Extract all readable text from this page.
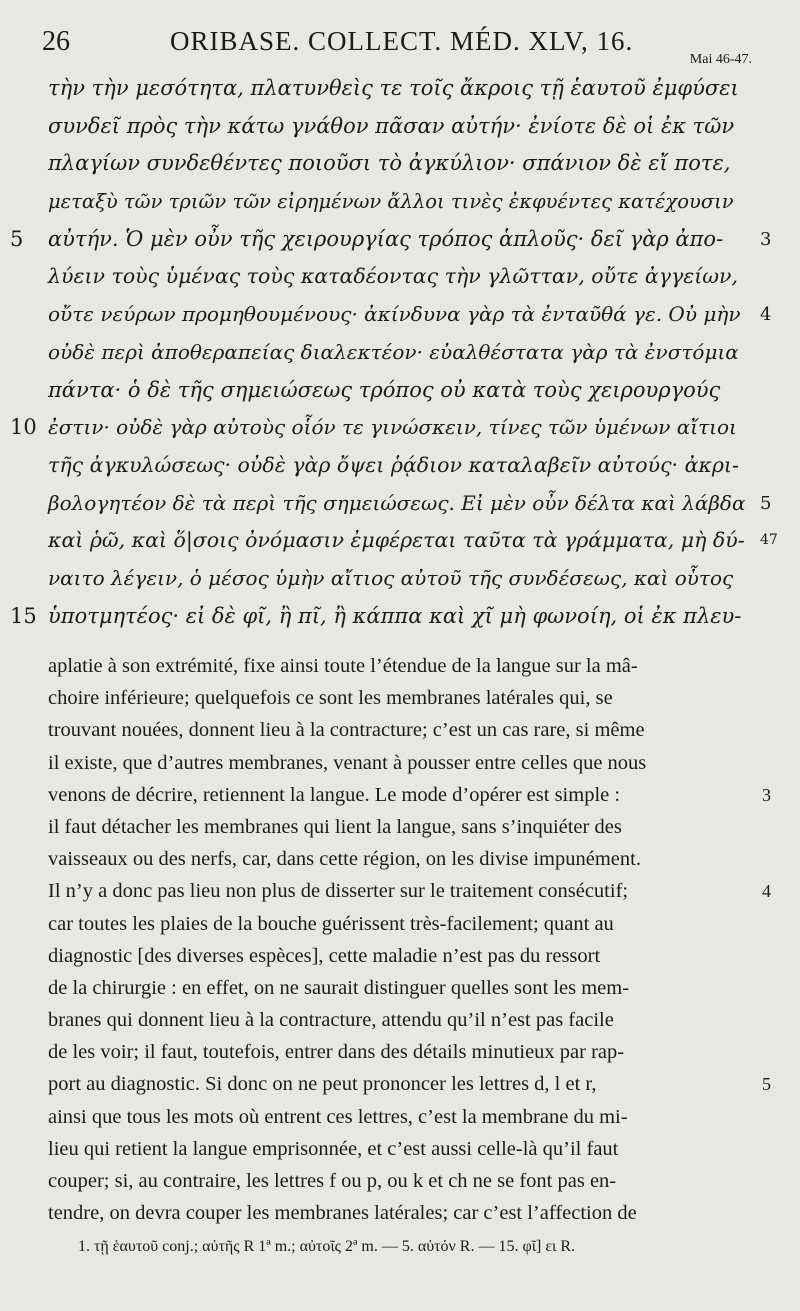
26	ORIBASE. COLLECT. MÉD. XLV, 16.
Mai 46-47.
τὴν τὴν μεσότητα, πλατυνθεὶς τε τοῖς ἄκροις τῇ ἑαυτοῦ ἐμφύσει
συνδεῖ πρὸς τὴν κάτω γνάθον πᾶσαν αὐτήν· ἐνίοτε δὲ οἱ ἐκ τῶν
πλαγίων συνδεθέντες ποιοῦσι τὸ ἀγκύλιον· σπάνιον δὲ εἴ ποτε,
μεταξὺ τῶν τριῶν τῶν εἰρημένων ἄλλοι τινὲς ἐκφυέντες κατέχουσιν
5 αὐτήν. Ὁ μὲν οὖν τῆς χειρουργίας τρόπος ἁπλοῦς· δεῖ γὰρ ἀπο- 3
λύειν τοὺς ὑμένας τοὺς καταδέοντας τὴν γλῶτταν, οὔτε ἀγγείων,
οὔτε νεύρων προμηθουμένους· ἀκίνδυνα γὰρ τὰ ἐνταῦθά γε. Οὐ μὴν 4
οὐδὲ περὶ ἀποθεραπείας διαλεκτέον· εὐαλθέστατα γὰρ τὰ ἐνστόμια
πάντα· ὁ δὲ τῆς σημειώσεως τρόπος οὐ κατὰ τοὺς χειρουργούς
10 ἐστιν· οὐδὲ γὰρ αὐτοὺς οἷόν τε γινώσκειν, τίνες τῶν ὑμένων αἴτιοι
τῆς ἀγκυλώσεως· οὐδὲ γὰρ ὄψει ῥᾴδιον καταλαβεῖν αὐτούς· ἀκρι-
βολογητέον δὲ τὰ περὶ τῆς σημειώσεως. Εἰ μὲν οὖν δέλτα καὶ λάβδα 5
καὶ ῥῶ, καὶ ὅ|σοις ὀνόμασιν ἐμφέρεται ταῦτα τὰ γράμματα, μὴ δύ- 47
ναιτο λέγειν, ὁ μέσος ὑμὴν αἴτιος αὐτοῦ τῆς συνδέσεως, καὶ οὗτος
15 ὑποτμητέος· εἰ δὲ φῖ, ἢ πῖ, ἢ κάππα καὶ χῖ μὴ φωνοίη, οἱ ἐκ πλευ-
aplatie à son extrémité, fixe ainsi toute l’étendue de la langue sur la mâ-
choire inférieure; quelquefois ce sont les membranes latérales qui, se
trouvant nouées, donnent lieu à la contracture; c’est un cas rare, si même
il existe, que d’autres membranes, venant à pousser entre celles que nous
venons de décrire, retiennent la langue. Le mode d’opérer est simple :	3
il faut détacher les membranes qui lient la langue, sans s’inquiéter des
vaisseaux ou des nerfs, car, dans cette région, on les divise impunément.
Il n’y a donc pas lieu non plus de disserter sur le traitement consécutif;	4
car toutes les plaies de la bouche guérissent très-facilement; quant au
diagnostic [des diverses espèces], cette maladie n’est pas du ressort
de la chirurgie : en effet, on ne saurait distinguer quelles sont les mem-
branes qui donnent lieu à la contracture, attendu qu’il n’est pas facile
de les voir; il faut, toutefois, entrer dans des détails minutieux par rap-
port au diagnostic. Si donc on ne peut prononcer les lettres d, l et r,	5
ainsi que tous les mots où entrent ces lettres, c’est la membrane du mi-
lieu qui retient la langue emprisonnée, et c’est aussi celle-là qu’il faut
couper; si, au contraire, les lettres f ou p, ou k et ch ne se font pas en-
tendre, on devra couper les membranes latérales; car c’est l’affection de
1. τῇ ἑαυτοῦ conj.; αὐτῆς R 1ª m.; αὐτοῖς 2ª m. — 5. αὐτόν R. — 15. φῖ] ει R.
